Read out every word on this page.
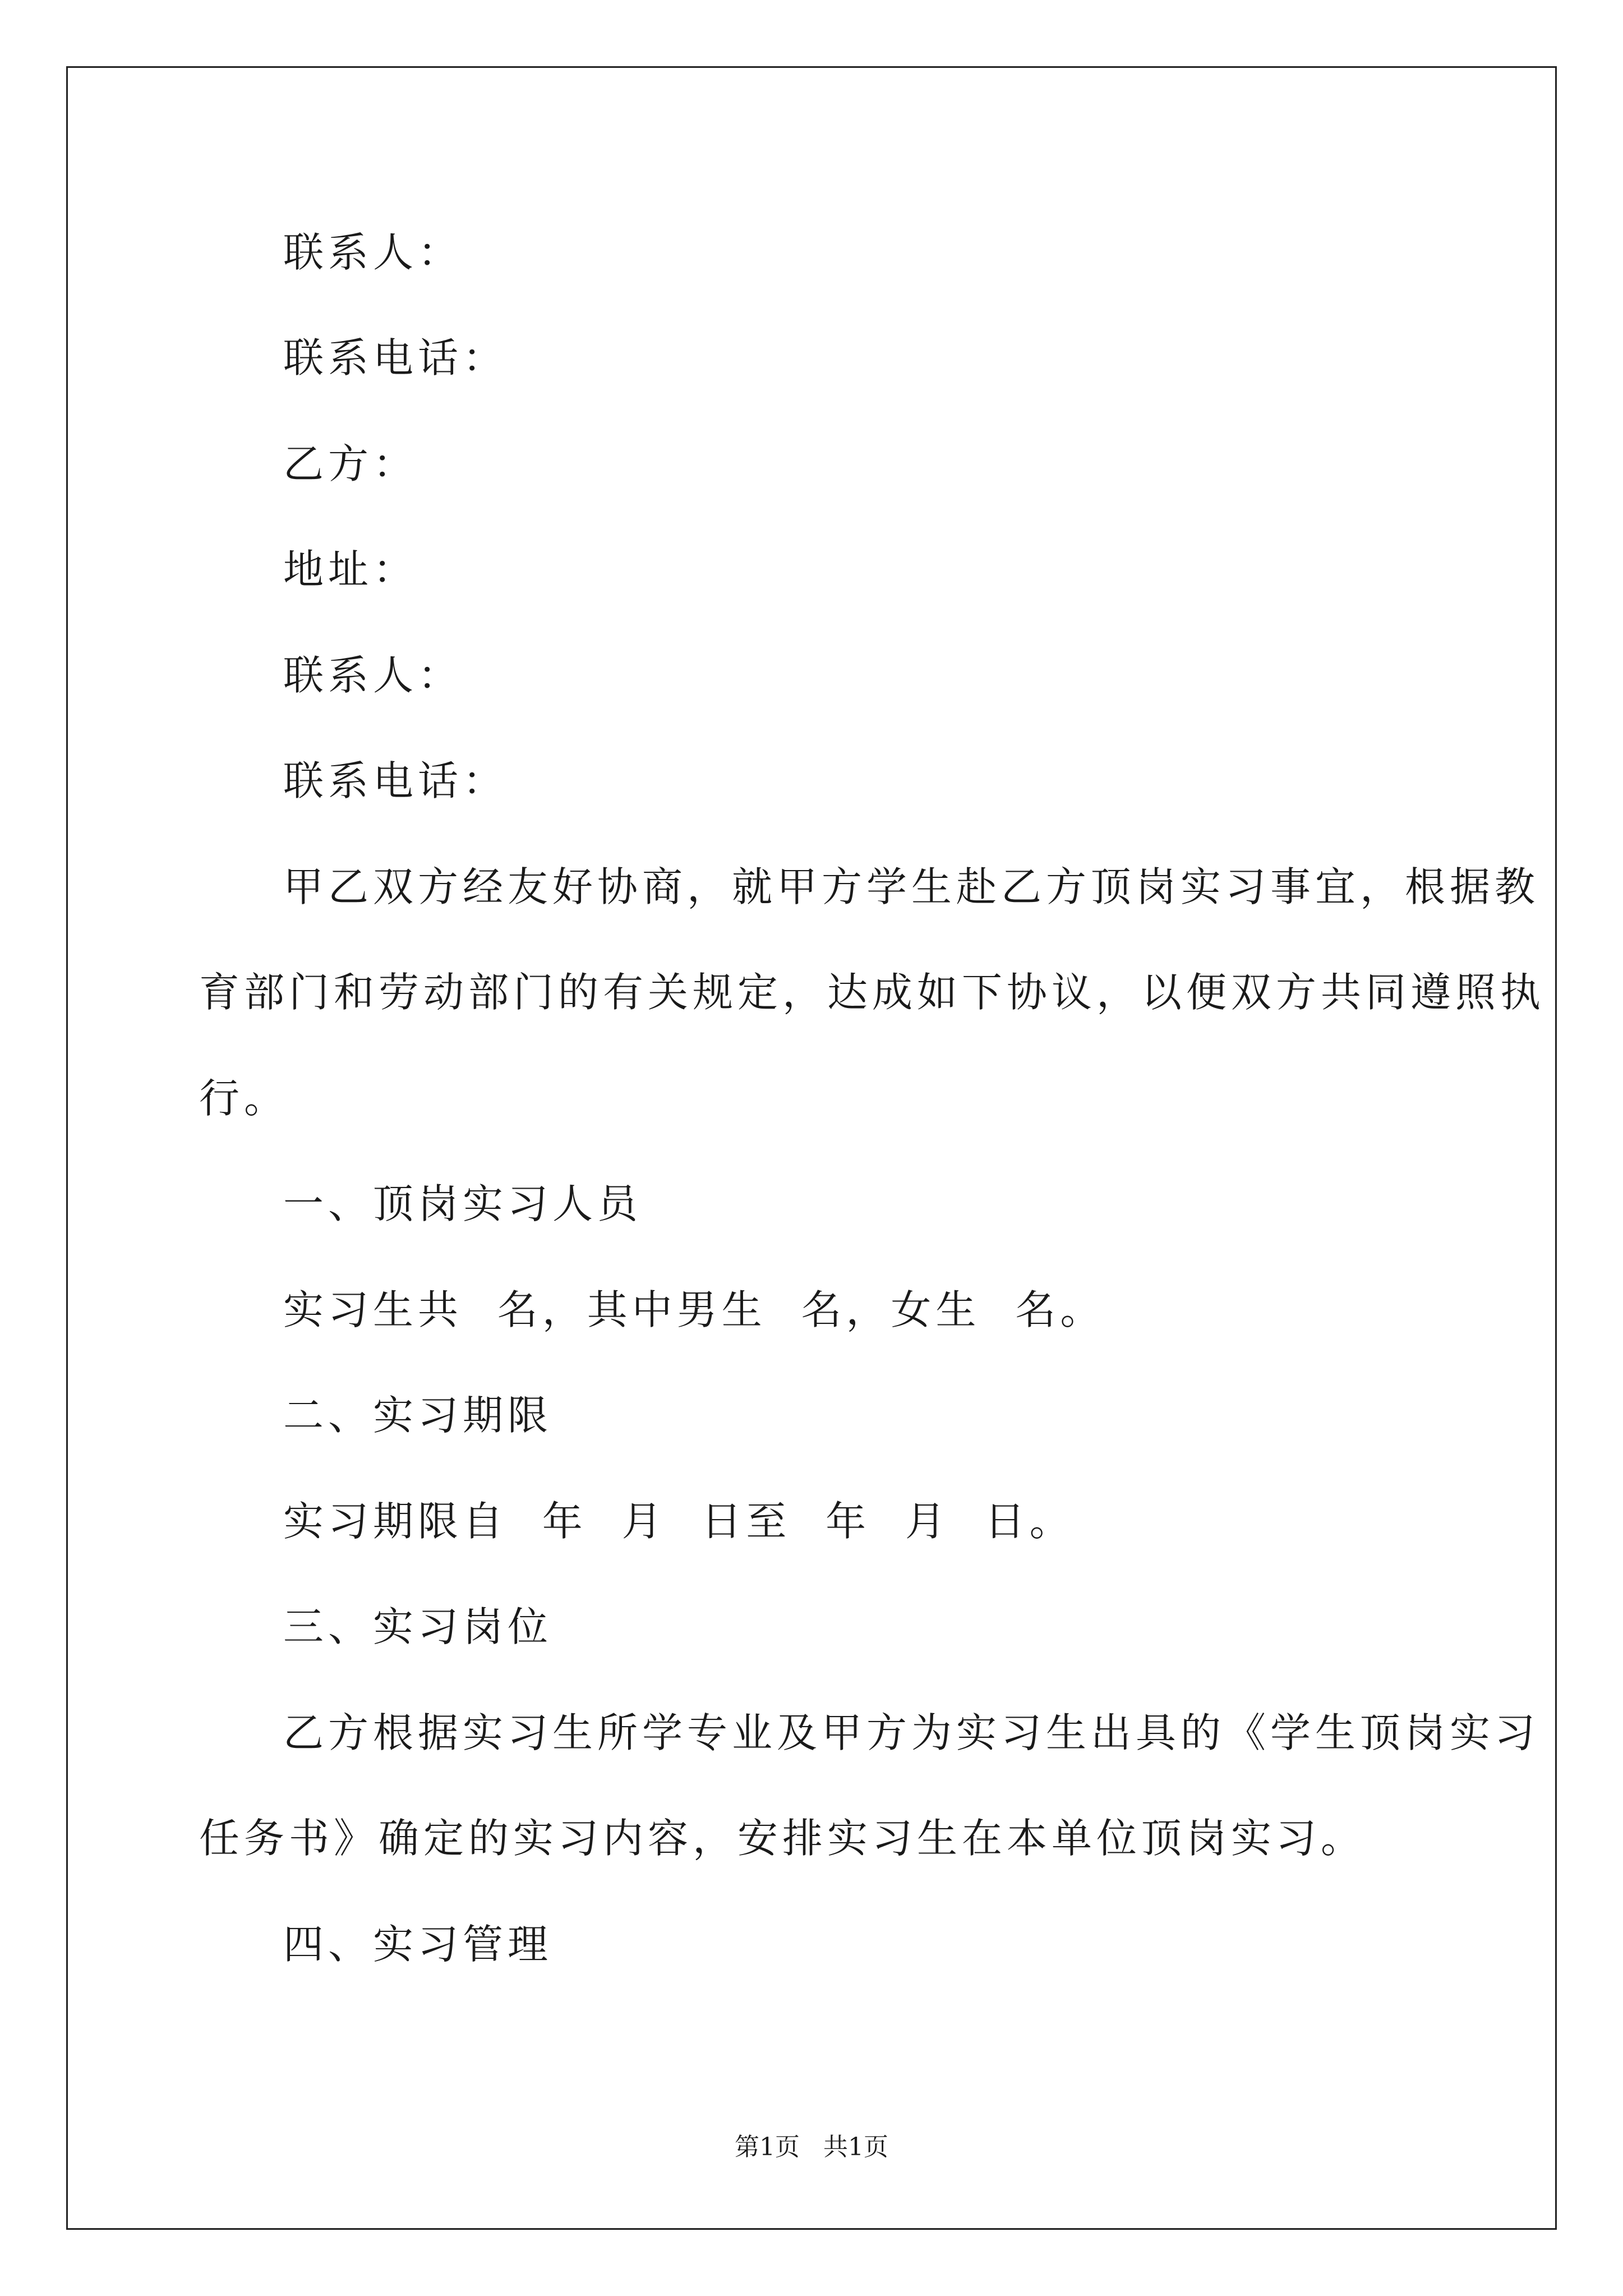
联系人：

联系电话：

乙方：

地址：

联系人：

联系电话：

甲乙双方经友好协商，就甲方学生赴乙方顶岗实习事宜，根据教

育部门和劳动部门的有关规定，达成如下协议，以便双方共同遵照执

行。

一、顶岗实习人员

实习生共  名，其中男生  名，女生  名。

二、实习期限

实习期限自  年  月  日至  年  月  日。

三、实习岗位

乙方根据实习生所学专业及甲方为实习生出具的《学生顶岗实习

任务书》确定的实习内容，安排实习生在本单位顶岗实习。

四、实习管理

第1页   共1页
